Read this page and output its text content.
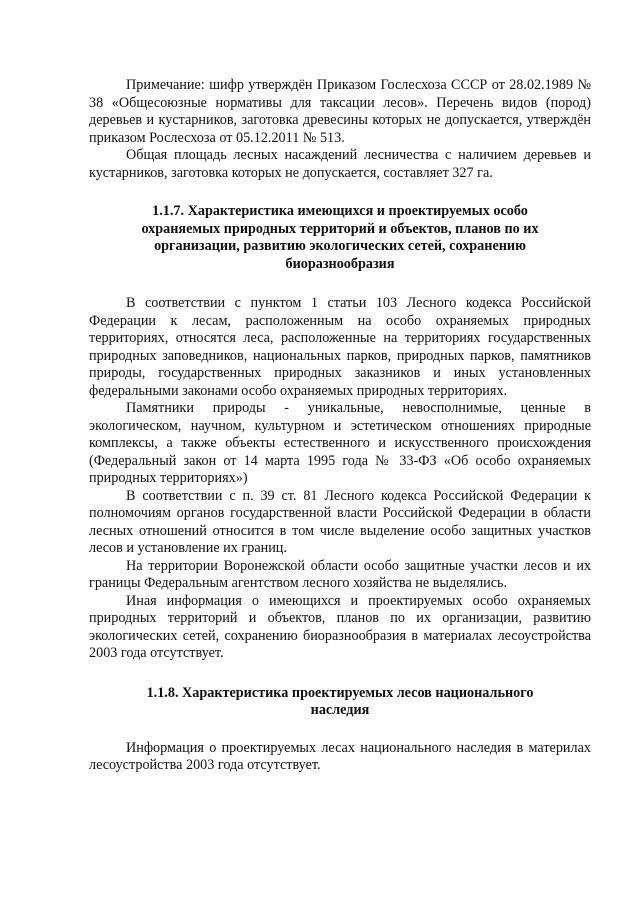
Примечание: шифр утверждён Приказом Гослесхоза СССР от 28.02.1989 № 38 «Общесоюзные нормативы для таксации лесов». Перечень видов (пород) деревьев и кустарников, заготовка древесины которых не допускается, утверждён приказом Рослесхоза от 05.12.2011 № 513.

Общая площадь лесных насаждений лесничества с наличием деревьев и кустарников, заготовка которых не допускается, составляет 327 га.

1.1.7. Характеристика имеющихся и проектируемых особо охраняемых природных территорий и объектов, планов по их организации, развитию экологических сетей, сохранению биоразнообразия

В соответствии с пунктом 1 статьи 103 Лесного кодекса Российской Федерации к лесам, расположенным на особо охраняемых природных территориях, относятся леса, расположенные на территориях государственных природных заповедников, национальных парков, природных парков, памятников природы, государственных природных заказников и иных установленных федеральными законами особо охраняемых природных территориях.

Памятники природы - уникальные, невосполнимые, ценные в экологическом, научном, культурном и эстетическом отношениях природные комплексы, а также объекты естественного и искусственного происхождения (Федеральный закон от 14 марта 1995 года № 33-ФЗ «Об особо охраняемых природных территориях»)

В соответствии с п. 39 ст. 81 Лесного кодекса Российской Федерации к полномочиям органов государственной власти Российской Федерации в области лесных отношений относится в том числе выделение особо защитных участков лесов и установление их границ.

На территории Воронежской области особо защитные участки лесов и их границы Федеральным агентством лесного хозяйства не выделялись.

Иная информация о имеющихся и проектируемых особо охраняемых природных территорий и объектов, планов по их организации, развитию экологических сетей, сохранению биоразнообразия в материалах лесоустройства 2003 года отсутствует.

1.1.8. Характеристика проектируемых лесов национального наследия

Информация о проектируемых лесах национального наследия в материлах лесоустройства 2003 года отсутствует.
